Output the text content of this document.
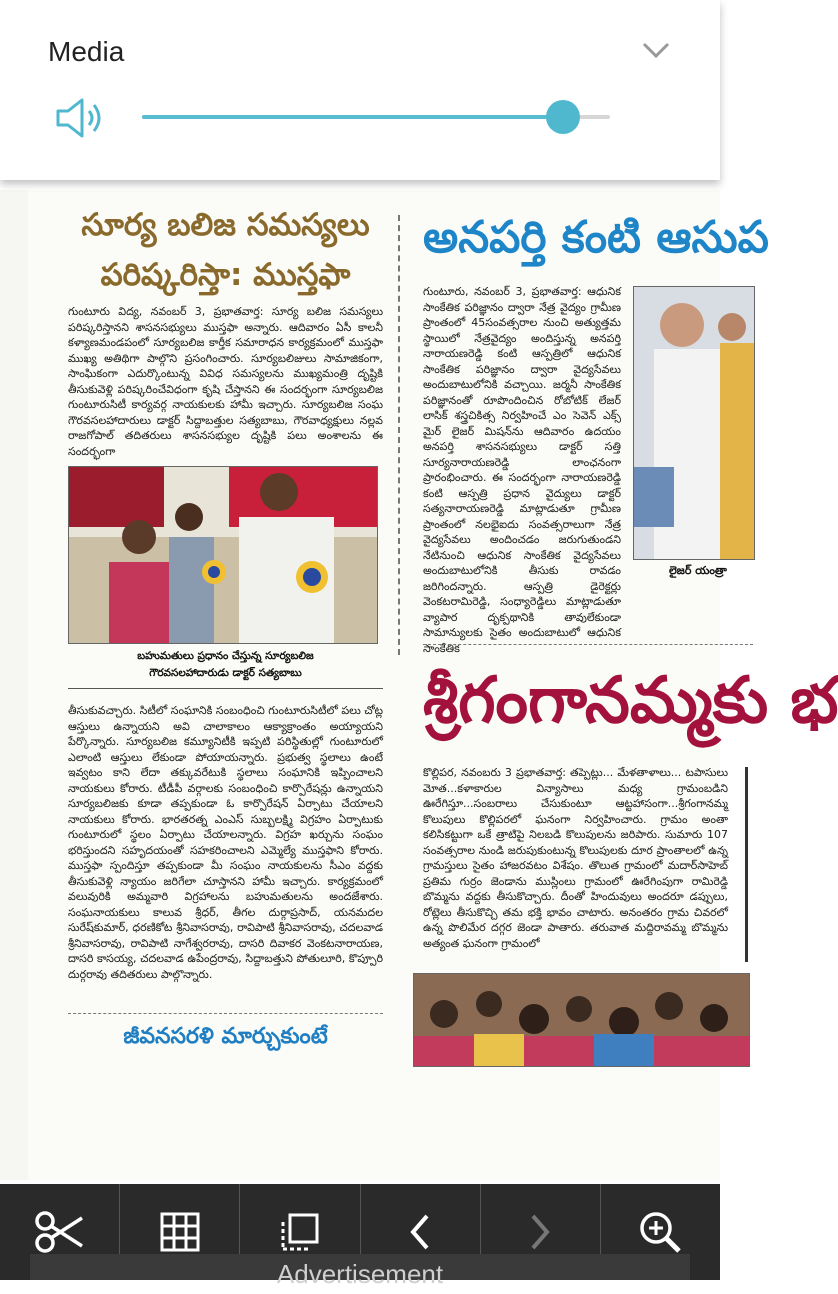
Media

సూర్య బలిజ సమస్యలు

పరిష్కరిస్తా: ముస్తఫా

గుంటూరు విద్య, నవంబర్ 3, ప్రభాతవార్త: సూర్య బలిజ సమస్యలు పరిష్కరిస్తానని శాసనసభ్యులు ముస్తఫా అన్నారు. ఆదివారం ఏసీ కాలనీ కళ్యాణమండపంలో సూర్యబలిజ కార్తీక సమారాధన కార్యక్రమంలో ముస్తఫా ముఖ్య అతిథిగా పాల్గొని ప్రసంగించారు. సూర్యబలిజులు సామాజికంగా, సాంఘికంగా ఎదుర్కొంటున్న వివిధ సమస్యలను ముఖ్యమంత్రి దృష్టికి తీసుకువెళ్లి పరిష్కరించేవిధంగా కృషి చేస్తానని ఈ సందర్భంగా సూర్యబలిజ గుంటూరుసిటీ కార్యవర్గ నాయకులకు హామీ ఇచ్చారు. సూర్యబలిజ సంఘ గౌరవసలహాదారులు డాక్టర్ సిద్దాబత్తుల సత్యబాబు, గౌరవాధ్యక్షులు నల్లవ రాజగోపాల్ తదితరులు శాసనసభ్యుల దృష్టికి పలు అంశాలను ఈ సందర్భంగా

బహుమతులు ప్రధానం చేస్తున్న సూర్యబలిజ
గౌరవసలహాదారుడు డాక్టర్ సత్యబాబు

తీసుకువచ్చారు. సిటీలో సంఘానికి సంబంధించి గుంటూరుసిటీలో పలు చోట్ల ఆస్తులు ఉన్నాయని అవి చాలాకాలం ఆక్యాక్రాంతం అయ్యాయని పేర్కొన్నారు. సూర్యబలిజ కమ్యూనిటీకి ఇప్పటి పరిస్థితుల్లో గుంటూరులో ఎలాంటి ఆస్తులు లేకుండా పోయాయన్నారు. ప్రభుత్వ స్థలాలు ఉంటే ఇవ్వటం కాని లేదా తక్కువరేటుకి స్థలాలు సంఘానికి ఇప్పించాలని నాయకులు కోరారు. టీడీపీ వర్గాలకు సంబంధించి కార్పొరేషన్లు ఉన్నాయని సూర్యబలిజకు కూడా తప్పకుండా ఓ కార్పొరేషన్ ఏర్పాటు చేయాలని నాయకులు కోరారు. భారతరత్న ఎంఎస్ సుబ్బలక్ష్మి విగ్రహం ఏర్పాటుకు గుంటూరులో స్థలం ఏర్పాటు చేయాలన్నారు. విగ్రహ ఖర్చును సంఘం భరిస్తుందని సహృదయంతో సహకరించాలని ఎమ్మెల్యే ముస్తఫాని కోరారు. ముస్తఫా స్పందిస్తూ తప్పకుండా మీ సంఘం నాయకులను సీఎం వద్దకు తీసుకువెళ్లి న్యాయం జరిగేలా చూస్తానని హామీ ఇచ్చారు. కార్యక్రమంలో వలువురికి అమ్మవారి విగ్రహాలను బహుమతులను అందజేశారు. సంఘనాయకులు కాలువ శ్రీధర్, తీగల దుర్గాప్రసాద్, యనమదల సురేష్‌కుమార్, ధరణికోట శ్రీనివాసరావు, రావిపాటి శ్రీనివాసరావు, చదలవాడ శ్రీనివాసరావు, రావిపాటి నాగేశ్వరరావు, దాసరి దివాకర వెంకటనారాయణ, దాసరి కాసయ్య, చదలవాడ ఉపేంద్రరావు, సిద్దాబత్తుని పోతులూరి, కొప్పూరి దుర్గరావు తదితరులు పాల్గొన్నారు.

జీవనసరళి మార్చుకుంటే

అనపర్తి కంటి ఆసుప

గుంటూరు, నవంబర్ 3, ప్రభాతవార్త: ఆధునిక సాంకేతిక పరిజ్ఞానం ద్వారా నేత్ర వైద్యం గ్రామీణ ప్రాంతంలో 45సంవత్సరాల నుంచి అత్యుత్తమ స్థాయిలో నేత్రవైద్యం అందిస్తున్న అనపర్తి నారాయణరెడ్డి కంటి ఆస్పత్రిలో ఆధునిక సాంకేతిక పరిజ్ఞానం ద్వారా వైద్యసేవలు అందుబాటులోనికి వచ్చాయి. జర్మనీ సాంకేతిక పరిజ్ఞానంతో రూపొందించిన రోబోటిక్ లేజర్ లాసిక్ శస్త్రచికిత్స నిర్వహించే ఎం సెవెన్ ఎక్స్ మైర్ లైజర్ మిషన్‌ను ఆదివారం ఉదయం అనపర్తి శాసనసభ్యులు డాక్టర్ సత్తి సూర్యనారాయణరెడ్డి లాంఛనంగా ప్రారంభించారు. ఈ సందర్భంగా నారాయణరెడ్డి కంటి ఆస్పత్రి ప్రధాన వైద్యులు డాక్టర్ సత్యనారాయణరెడ్డి మాట్లాడుతూ గ్రామీణ ప్రాంతంలో నలభైఐదు సంవత్సరాలుగా నేత్ర వైద్యసేవలు అందించడం జరుగుతుండని నేటినుంచి ఆధునిక సాంకేతిక వైద్యసేవలు అందుబాటులోనికి తీసుకు రావడం జరిగిందన్నారు. ఆస్పత్రి డైరెక్టర్లు వెంకటరామిరెడ్డి, సంధ్యారెడ్డిలు మాట్లాడుతూ వ్యాపార దృక్పథానికి తావులేకుండా సామాన్యులకు సైతం అందుబాటులో ఆధునిక సాంకేతిక

లైజర్ యంత్రా

శ్రీగంగానమ్మకు భ

కొల్లిపర, నవంబరు 3 ప్రభాతవార్త: తప్పెట్లు... మేళతాళాలు... టపాసులు మోత...కళాకారుల విన్యాసాలు మధ్య గ్రామంబడిని ఊరేగిస్తూ...సంబరాలు చేసుకుంటూ ఆట్టహాసంగా...శ్రీగంగానమ్మ కొలుపులు కొల్లిపరలో ఘనంగా నిర్వహించారు. గ్రామం అంతా కలిసికట్టుగా ఒకే త్రాటిపై నిలబడి కొలుపులను జరిపారు. సుమారు 107 సంవత్సరాల నుండి జరుపుకుంటున్న కొలుపులకు దూర ప్రాంతాలలో ఉన్న గ్రామస్తులు సైతం హాజరవటం విశేషం. తొలుత గ్రామంలో మదార్‌సాహెబ్ ప్రతిమ గుర్రం జెండాను ముస్లింలు గ్రామంలో ఊరేగింపుగా రామిరెడ్డి బొమ్మను వద్దకు తీసుకొచ్చారు. దీంతో హిందువులు అందరూ డప్పులు, రోట్లెలు తీసుకొచ్చి తమ భక్తి భావం చాటారు. అనంతరం గ్రామ చివరలో ఉన్న పొలిమేర దగ్గర జెండా పాతారు. తరువాత మద్దిరావమ్మ బొమ్మను అత్యంత ఘనంగా గ్రామంలో

Advertisement
